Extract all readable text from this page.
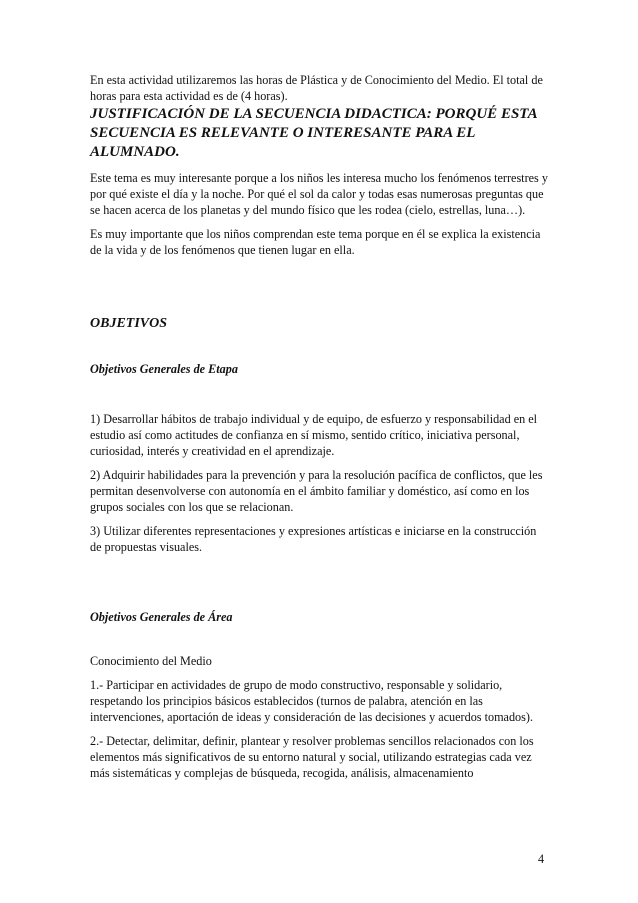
En esta actividad utilizaremos las horas de Plástica y de Conocimiento del Medio. El total de horas para esta actividad es de (4 horas).

JUSTIFICACIÓN DE LA SECUENCIA DIDACTICA: PORQUÉ ESTA SECUENCIA ES RELEVANTE O INTERESANTE PARA EL ALUMNADO.

Este tema es muy interesante porque a los niños les interesa mucho los fenómenos terrestres y por qué existe el día y la noche. Por qué el sol da calor y todas esas numerosas preguntas que se hacen acerca de los planetas y del mundo físico que les rodea (cielo, estrellas, luna…).

Es muy importante que los niños comprendan este tema porque en él se explica la existencia de la vida y de los fenómenos que tienen lugar en ella.

OBJETIVOS

Objetivos Generales de Etapa

1) Desarrollar hábitos de trabajo individual y de equipo, de esfuerzo y responsabilidad en el estudio así como actitudes de confianza en sí mismo, sentido crítico, iniciativa personal, curiosidad, interés y creatividad en el aprendizaje.

2) Adquirir habilidades para la prevención y para la resolución pacífica de conflictos, que les permitan desenvolverse con autonomía en el ámbito familiar y doméstico, así como en los grupos sociales con los que se relacionan.

3) Utilizar diferentes representaciones y expresiones artísticas e iniciarse en la construcción de propuestas visuales.

Objetivos Generales de Área

Conocimiento del Medio

1.- Participar en actividades de grupo de modo constructivo, responsable y solidario, respetando los principios básicos establecidos (turnos de palabra, atención en las intervenciones, aportación de ideas y consideración de las decisiones y acuerdos tomados).

2.- Detectar, delimitar, definir, plantear y resolver problemas sencillos relacionados con los elementos más significativos de su entorno natural y social, utilizando estrategias cada vez más sistemáticas y complejas de búsqueda, recogida, análisis, almacenamiento

4
